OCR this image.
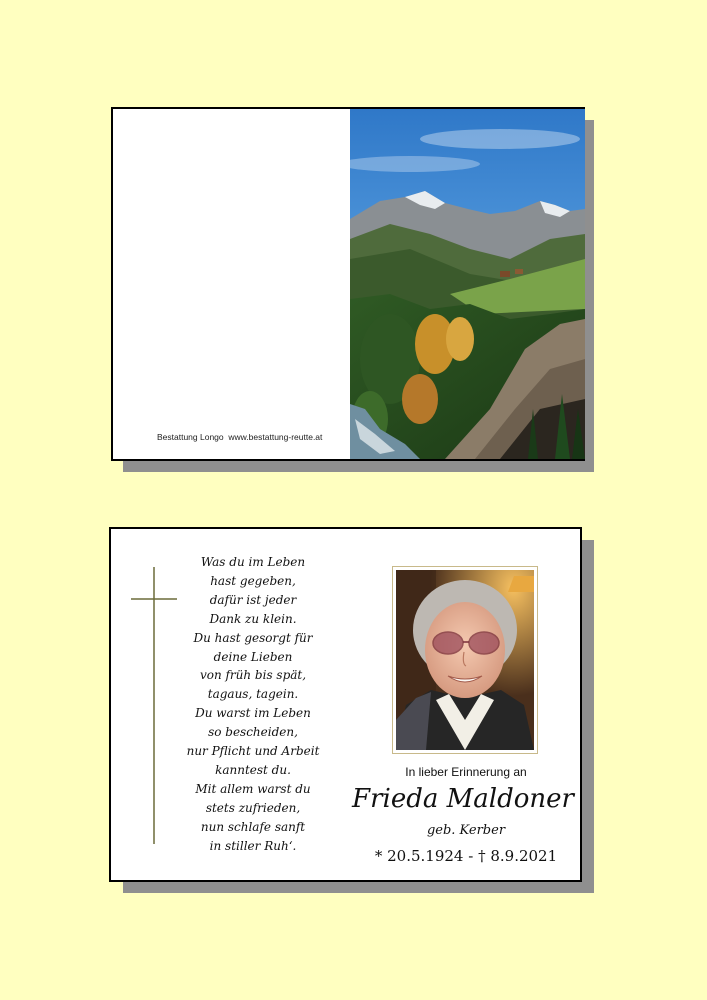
Bestattung Longo www.bestattung-reutte.at
Was du im Leben
hast gegeben,
dafür ist jeder
Dank zu klein.
Du hast gesorgt für
deine Lieben
von früh bis spät,
tagaus, tagein.
Du warst im Leben
so bescheiden,
nur Pflicht und Arbeit
kanntest du.
Mit allem warst du
stets zufrieden,
nun schlafe sanft
in stiller Ruh‘.
In lieber Erinnerung an
Frieda Maldoner
geb. Kerber
* 20.5.1924 - † 8.9.2021
